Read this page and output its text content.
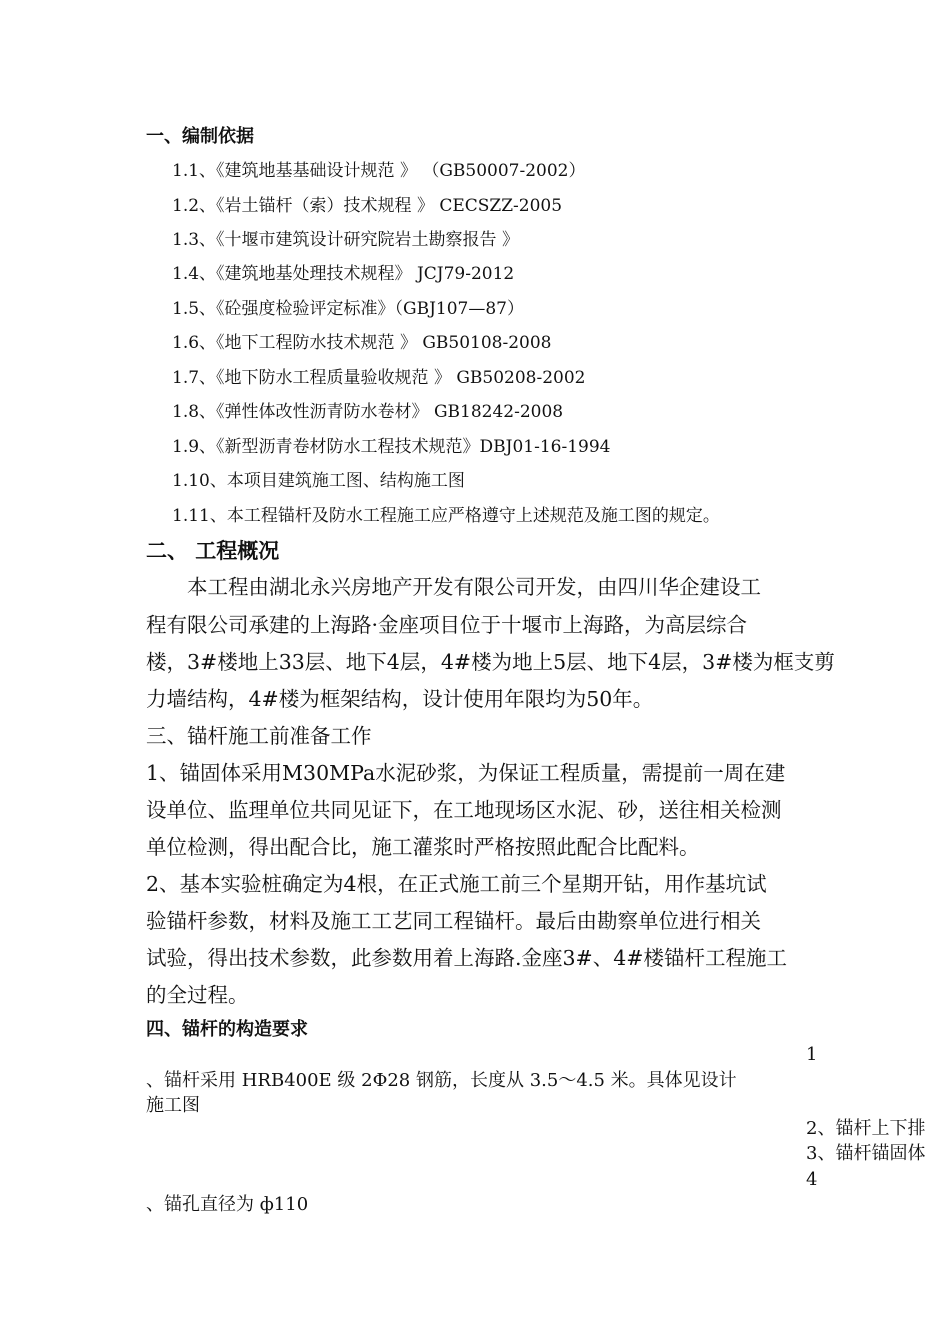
一、编制依据
1.1、《建筑地基基础设计规范 》 （GB50007-2002）
1.2、《岩土锚杆（索）技术规程 》 CECSZZ-2005
1.3、《十堰市建筑设计研究院岩土勘察报告 》
1.4、《建筑地基处理技术规程》 JCJ79-2012
1.5、《砼强度检验评定标准》（GBJ107—87）
1.6、《地下工程防水技术规范 》 GB50108-2008
1.7、《地下防水工程质量验收规范 》 GB50208-2002
1.8、《弹性体改性沥青防水卷材》 GB18242-2008
1.9、《新型沥青卷材防水工程技术规范》DBJ01-16-1994
1.10、本项目建筑施工图、结构施工图
1.11、本工程锚杆及防水工程施工应严格遵守上述规范及施工图的规定。
二、 工程概况
本工程由湖北永兴房地产开发有限公司开发，由四川华企建设工
程有限公司承建的上海路·金座项目位于十堰市上海路，为高层综合
楼，3#楼地上33层、地下4层，4#楼为地上5层、地下4层，3#楼为框支剪
力墙结构，4#楼为框架结构，设计使用年限均为50年。
三、锚杆施工前准备工作
1、锚固体采用M30MPa水泥砂浆，为保证工程质量，需提前一周在建
设单位、监理单位共同见证下，在工地现场区水泥、砂，送往相关检测
单位检测，得出配合比，施工灌浆时严格按照此配合比配料。
2、基本实验桩确定为4根，在正式施工前三个星期开钻，用作基坑试
验锚杆参数，材料及施工工艺同工程锚杆。最后由勘察单位进行相关
试验，得出技术参数，此参数用着上海路.金座3#、4#楼锚杆工程施工
的全过程。
四、锚杆的构造要求
1
、锚杆采用 HRB400E 级 2Φ28 钢筋，长度从 3.5～4.5 米。具体见设计
施工图
2、锚杆上下排
3、锚杆锚固体
4
、锚孔直径为 ф110
